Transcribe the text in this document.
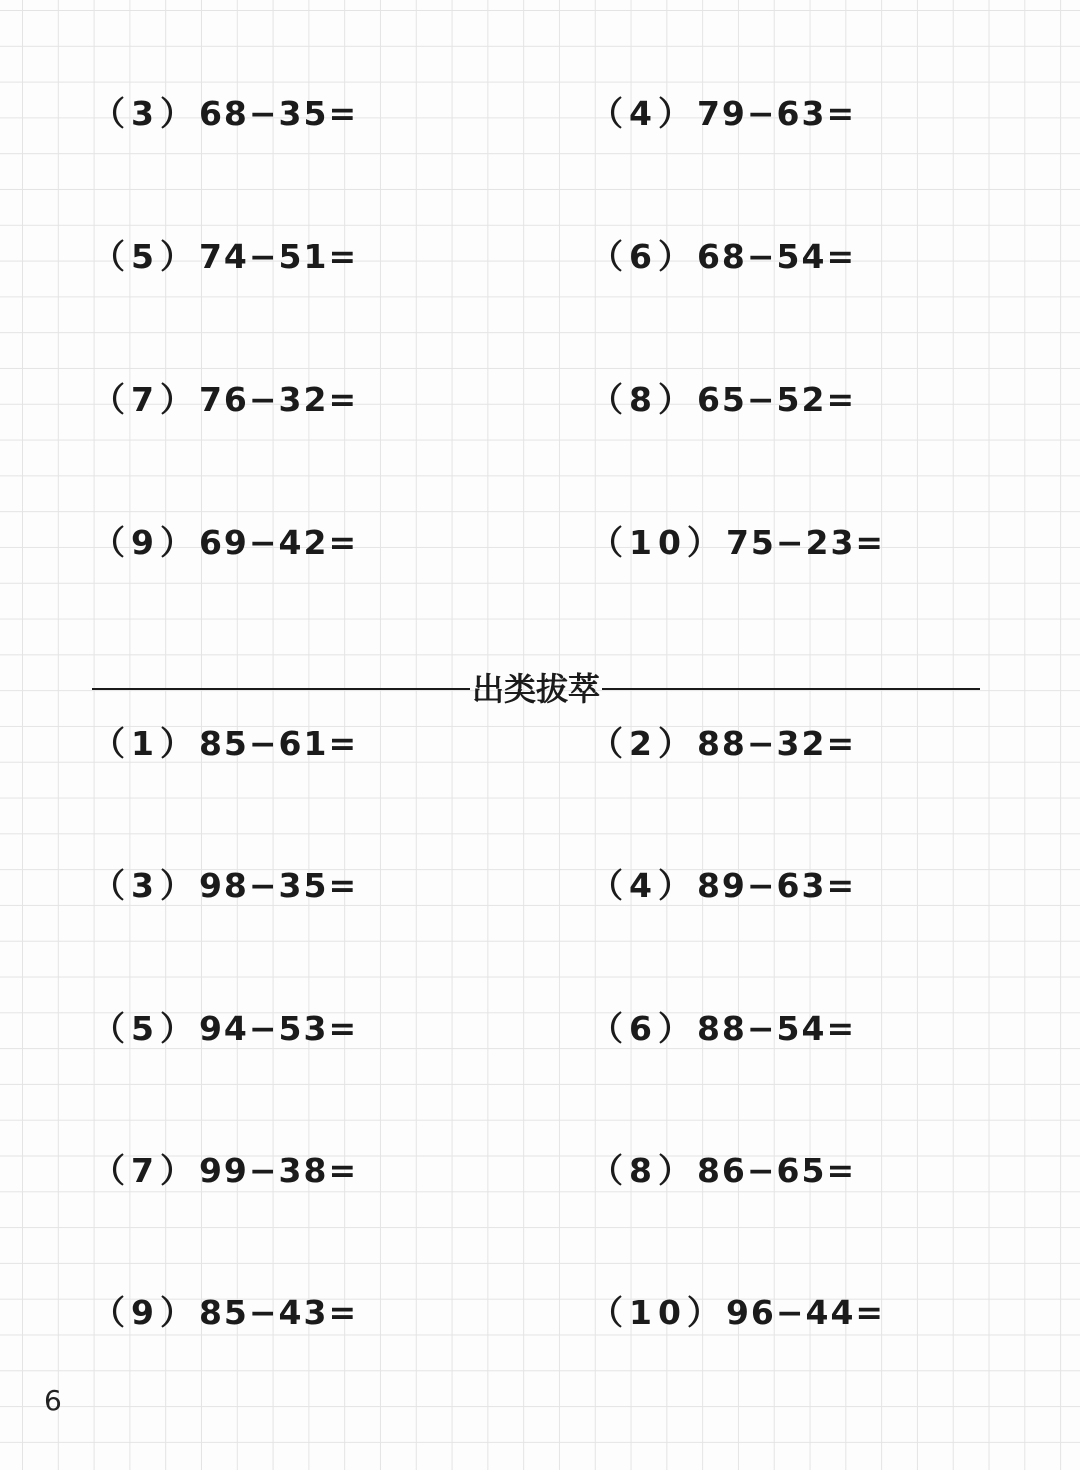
（3）68−35=	（4）79−63=
（5）74−51=	（6）68−54=
（7）76−32=	（8）65−52=
（9）69−42=	（10）75−23=
出类拔萃
（1）85−61=	（2）88−32=
（3）98−35=	（4）89−63=
（5）94−53=	（6）88−54=
（7）99−38=	（8）86−65=
（9）85−43=	（10）96−44=
6
